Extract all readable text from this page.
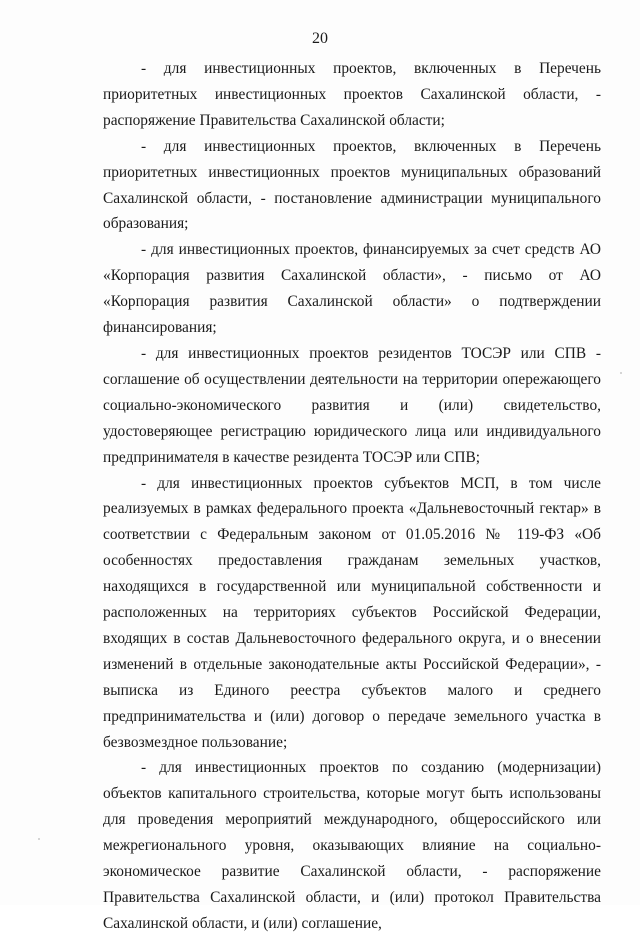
20

- для инвестиционных проектов, включенных в Перечень приоритетных инвестиционных проектов Сахалинской области, - распоряжение Правительства Сахалинской области;

- для инвестиционных проектов, включенных в Перечень приоритетных инвестиционных проектов муниципальных образований Сахалинской области, - постановление администрации муниципального образования;

- для инвестиционных проектов, финансируемых за счет средств АО «Корпорация развития Сахалинской области», - письмо от АО «Корпорация развития Сахалинской области» о подтверждении финансирования;

- для инвестиционных проектов резидентов ТОСЭР или СПВ - соглашение об осуществлении деятельности на территории опережающего социально-экономического развития и (или) свидетельство, удостоверяющее регистрацию юридического лица или индивидуального предпринимателя в качестве резидента ТОСЭР или СПВ;

- для инвестиционных проектов субъектов МСП, в том числе реализуемых в рамках федерального проекта «Дальневосточный гектар» в соответствии с Федеральным законом от 01.05.2016 № 119-ФЗ «Об особенностях предоставления гражданам земельных участков, находящихся в государственной или муниципальной собственности и расположенных на территориях субъектов Российской Федерации, входящих в состав Дальневосточного федерального округа, и о внесении изменений в отдельные законодательные акты Российской Федерации», - выписка из Единого реестра субъектов малого и среднего предпринимательства и (или) договор о передаче земельного участка в безвозмездное пользование;

- для инвестиционных проектов по созданию (модернизации) объектов капитального строительства, которые могут быть использованы для проведения мероприятий международного, общероссийского или межрегионального уровня, оказывающих влияние на социально-экономическое развитие Сахалинской области, - распоряжение Правительства Сахалинской области, и (или) протокол Правительства Сахалинской области, и (или) соглашение,
